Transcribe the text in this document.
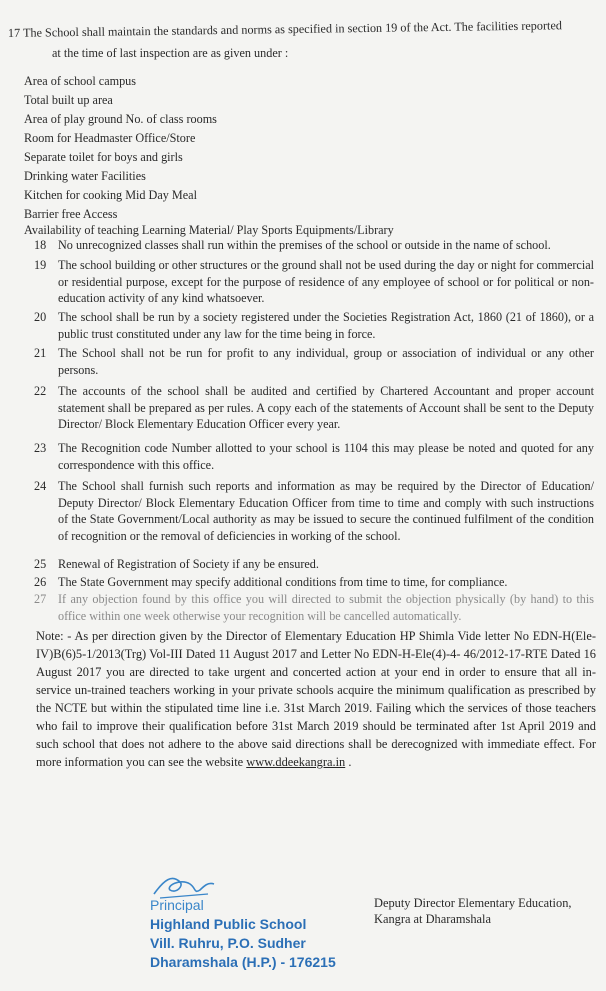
17 The School shall maintain the standards and norms as specified in section 19 of the Act. The facilities reported
at the time of last inspection are as given under :
Area of school campus
Total built up area
Area of play ground No. of class rooms
Room for Headmaster Office/Store
Separate toilet for boys and girls
Drinking water Facilities
Kitchen for cooking Mid Day Meal
Barrier free Access
Availability of teaching Learning Material/ Play Sports Equipments/Library
18 No unrecognized classes shall run within the premises of the school or outside in the name of school.
19 The school building or other structures or the ground shall not be used during the day or night for commercial or residential purpose, except for the purpose of residence of any employee of school or for political or non-education activity of any kind whatsoever.
20 The school shall be run by a society registered under the Societies Registration Act, 1860 (21 of 1860), or a public trust constituted under any law for the time being in force.
21 The School shall not be run for profit to any individual, group or association of individual or any other persons.
22 The accounts of the school shall be audited and certified by Chartered Accountant and proper account statement shall be prepared as per rules. A copy each of the statements of Account shall be sent to the Deputy Director/ Block Elementary Education Officer every year.
23 The Recognition code Number allotted to your school is 1104 this may please be noted and quoted for any correspondence with this office.
24 The School shall furnish such reports and information as may be required by the Director of Education/ Deputy Director/ Block Elementary Education Officer from time to time and comply with such instructions of the State Government/Local authority as may be issued to secure the continued fulfilment of the condition of recognition or the removal of deficiencies in working of the school.
25 Renewal of Registration of Society if any be ensured.
26 The State Government may specify additional conditions from time to time, for compliance.
27 If any objection found by this office you will directed to submit the objection physically (by hand) to this office within one week otherwise your recognition will be cancelled automatically.
Note: - As per direction given by the Director of Elementary Education HP Shimla Vide letter No EDN-H(Ele-IV)B(6)5-1/2013(Trg) Vol-III Dated 11 August 2017 and Letter No EDN-H-Ele(4)-4- 46/2012-17-RTE Dated 16 August 2017 you are directed to take urgent and concerted action at your end in order to ensure that all in-service un-trained teachers working in your private schools acquire the minimum qualification as prescribed by the NCTE but within the stipulated time line i.e. 31st March 2019. Failing which the services of those teachers who fail to improve their qualification before 31st March 2019 should be terminated after 1st April 2019 and such school that does not adhere to the above said directions shall be derecognized with immediate effect. For more information you can see the website www.ddeekangra.in .
Principal
Highland Public School
Vill. Ruhru, P.O. Sudher
Dharamshala (H.P.) - 176215
Deputy Director Elementary Education,
Kangra at Dharamshala
